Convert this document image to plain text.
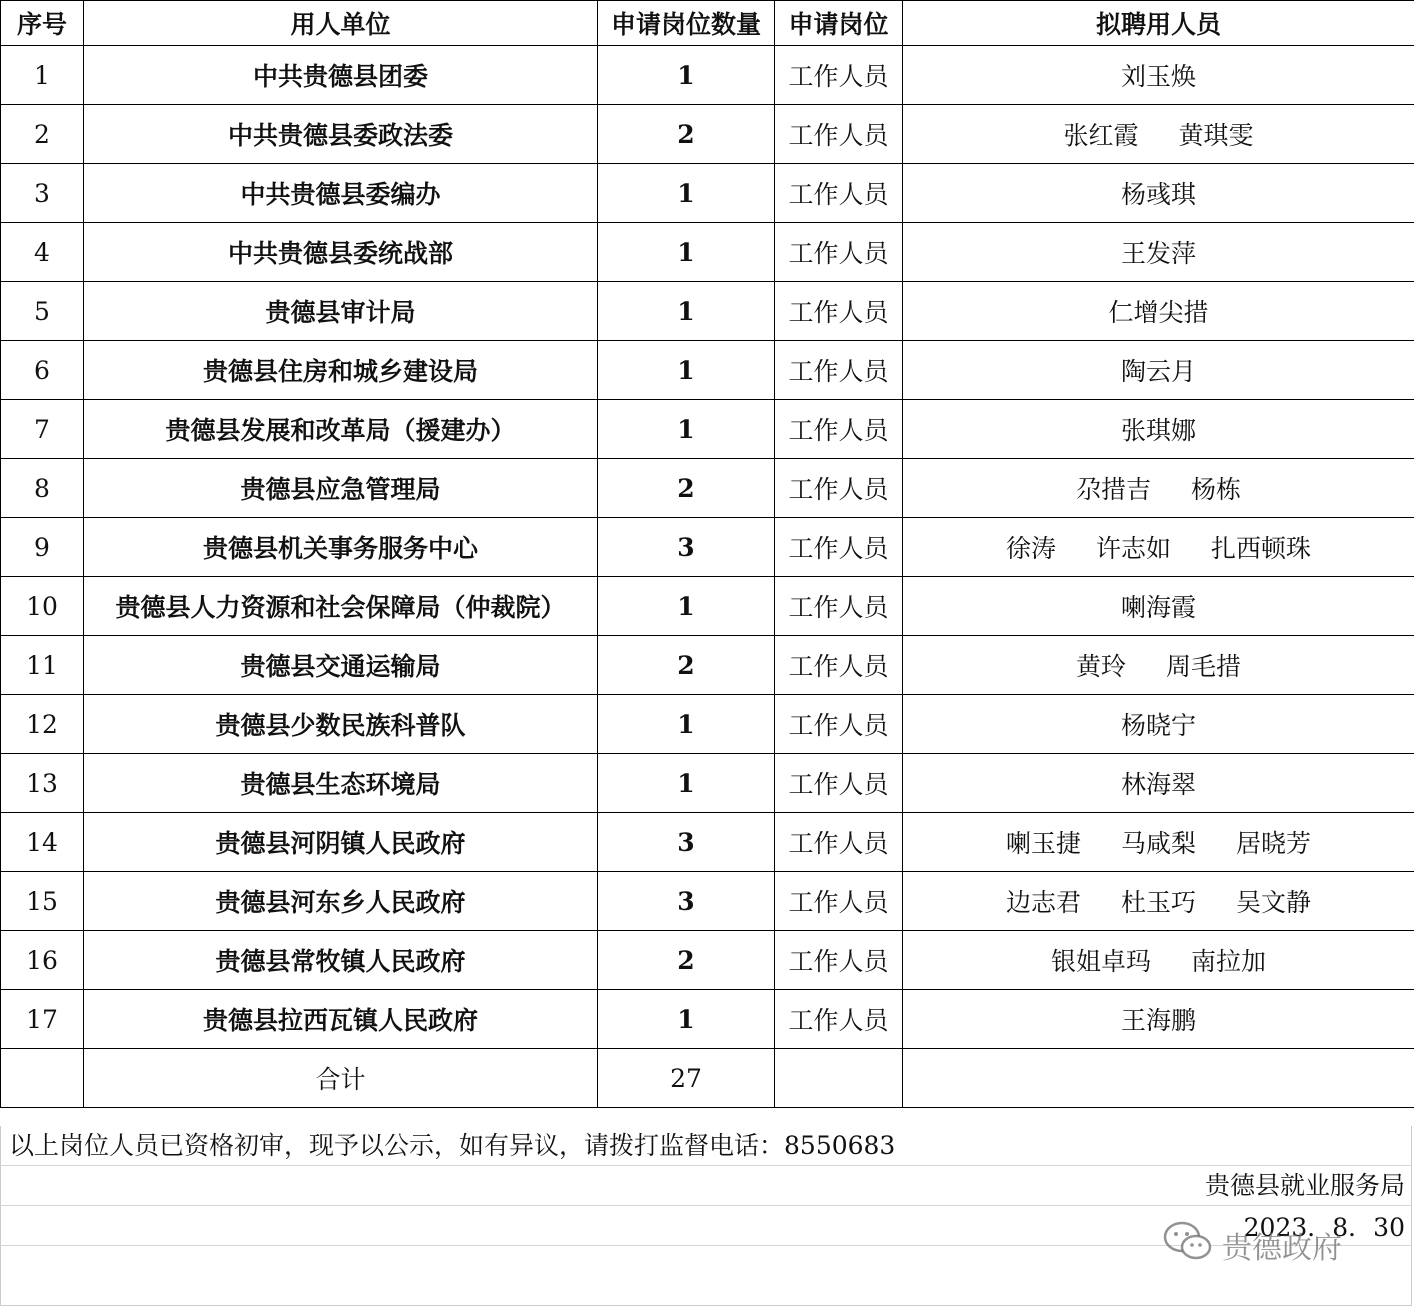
序号	用人单位	申请岗位数量	申请岗位	拟聘用人员
1	中共贵德县团委	1	工作人员	刘玉焕
2	中共贵德县委政法委	2	工作人员	张红霞 黄琪雯
3	中共贵德县委编办	1	工作人员	杨彧琪
4	中共贵德县委统战部	1	工作人员	王发萍
5	贵德县审计局	1	工作人员	仁增尖措
6	贵德县住房和城乡建设局	1	工作人员	陶云月
7	贵德县发展和改革局（援建办）	1	工作人员	张琪娜
8	贵德县应急管理局	2	工作人员	尕措吉 杨栋
9	贵德县机关事务服务中心	3	工作人员	徐涛 许志如 扎西顿珠
10	贵德县人力资源和社会保障局（仲裁院）	1	工作人员	喇海霞
11	贵德县交通运输局	2	工作人员	黄玲 周毛措
12	贵德县少数民族科普队	1	工作人员	杨晓宁
13	贵德县生态环境局	1	工作人员	林海翠
14	贵德县河阴镇人民政府	3	工作人员	喇玉捷 马咸梨 居晓芳
15	贵德县河东乡人民政府	3	工作人员	边志君 杜玉巧 吴文静
16	贵德县常牧镇人民政府	2	工作人员	银姐卓玛 南拉加
17	贵德县拉西瓦镇人民政府	1	工作人员	王海鹏
	合计	27		
以上岗位人员已资格初审，现予以公示，如有异议，请拨打监督电话：8550683
贵德县就业服务局
2023．8．30
贵德政府
